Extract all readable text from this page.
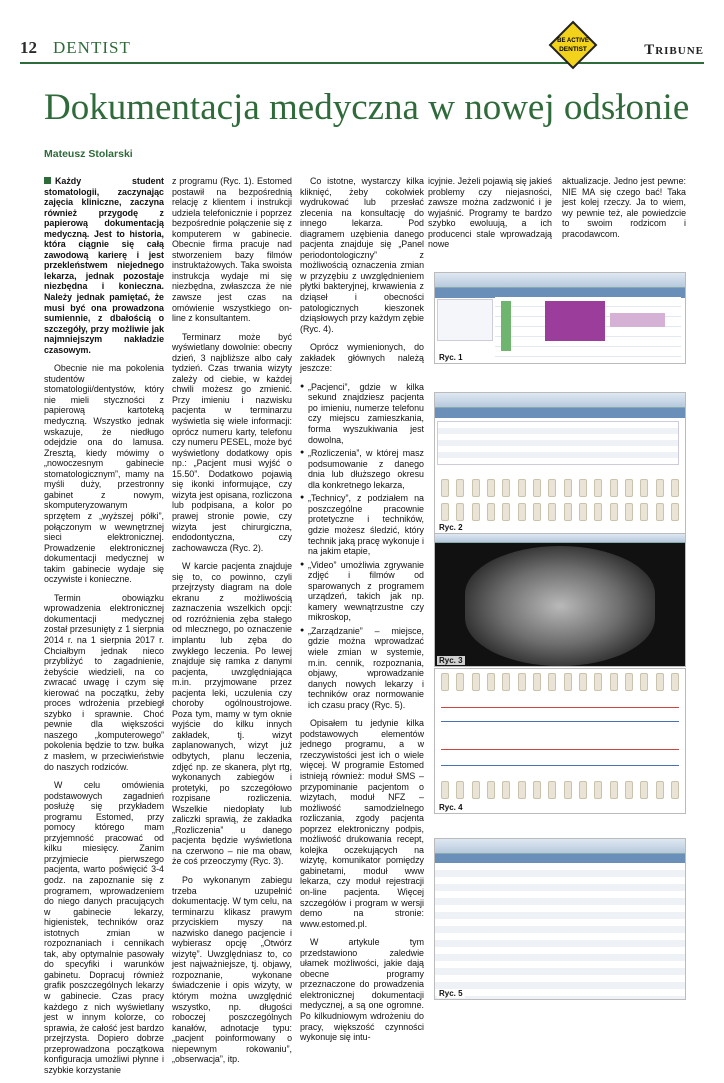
12 DENTIST	Tribune
BE ACTIVE
DENTIST
Dokumentacja medyczna w nowej odsłonie
Mateusz Stolarski

Każdy student stomatologii, zaczynając zajęcia kliniczne, zaczyna również przygodę z papierową dokumentacją medyczną. Jest to historia, która ciągnie się całą zawodową karierę i jest przekleństwem niejednego lekarza, jednak pozostaje niezbędna i konieczna. Należy jednak pamiętać, że musi być ona prowadzona sumiennie, z dbałością o szczegóły, przy możliwie jak najmniejszym nakładzie czasowym.

Obecnie nie ma pokolenia studentów stomatologii/dentystów, który nie mieli styczności z papierową kartoteką medyczną. Wszystko jednak wskazuje, że niedługo odejdzie ona do lamusa. Zresztą, kiedy mówimy o „nowoczesnym gabinecie stomatologicznym”, mamy na myśli duży, przestronny gabinet z nowym, skomputeryzowanym sprzętem z „wyższej półki”, połączonym w wewnętrznej sieci elektronicznej. Prowadzenie elektronicznej dokumentacji medycznej w takim gabinecie wydaje się oczywiste i konieczne.

Termin obowiązku wprowadzenia elektronicznej dokumentacji medycznej został przesunięty z 1 sierpnia 2014 r. na 1 sierpnia 2017 r. Chciałbym jednak nieco przybliżyć to zagadnienie, żebyście wiedzieli, na co zwracać uwagę i czym się kierować na początku, żeby proces wdrożenia przebiegł szybko i sprawnie. Choć pewnie dla większości naszego „komputerowego” pokolenia będzie to tzw. bułka z masłem, w przeciwieństwie do naszych rodziców.

W celu omówienia podstawowych zagadnień posłużę się przykładem programu Estomed, przy pomocy którego mam przyjemność pracować od kilku miesięcy. Zanim przyjmiecie pierwszego pacjenta, warto poświęcić 3-4 godz. na zapoznanie się z programem, wprowadzeniem do niego danych pracujących w gabinecie lekarzy, higienistek, techników oraz istotnych zmian w rozpoznaniach i cennikach tak, aby optymalnie pasowały do specyfiki i warunków gabinetu. Dopracuj również grafik poszczególnych lekarzy w gabinecie. Czas pracy każdego z nich wyświetlany jest w innym kolorze, co sprawia, że całość jest bardzo przejrzysta. Dopiero dobrze przeprowadzona początkowa konfiguracja umożliwi płynne i szybkie korzystanie

z programu (Ryc. 1). Estomed postawił na bezpośrednią relację z klientem i instrukcji udziela telefonicznie i poprzez bezpośrednie połączenie się z komputerem w gabinecie. Obecnie firma pracuje nad stworzeniem bazy filmów instruktażowych. Taka swoista instrukcja wydaje mi się niezbędna, zwłaszcza że nie zawsze jest czas na omówienie wszystkiego on-line z konsultantem.

Terminarz może być wyświetlany dowolnie: obecny dzień, 3 najbliższe albo cały tydzień. Czas trwania wizyty zależy od ciebie, w każdej chwili możesz go zmienić. Przy imieniu i nazwisku pacjenta w terminarzu wyświetla się wiele informacji: oprócz numeru karty, telefonu czy numeru PESEL, może być wyświetlony dodatkowy opis np.: „Pacjent musi wyjść o 15.50”. Dodatkowo pojawią się ikonki informujące, czy wizyta jest opisana, rozliczona lub podpisana, a kolor po prawej stronie powie, czy wizyta jest chirurgiczna, endodontyczna, czy zachowawcza (Ryc. 2).

W karcie pacjenta znajduje się to, co powinno, czyli przejrzysty diagram na dole ekranu z możliwością zaznaczenia wszelkich opcji: od rozróżnienia zęba stałego od mlecznego, po oznaczenie implantu lub zęba do zwykłego leczenia. Po lewej znajduje się ramka z danymi pacjenta, uwzględniająca m.in. przyjmowane przez pacjenta leki, uczulenia czy choroby ogólnoustrojowe. Poza tym, mamy w tym oknie wyjście do kilku innych zakładek, tj. wizyt zaplanowanych, wizyt już odbytych, planu leczenia, zdjęć np. ze skanera, plyt rtg, wykonanych zabiegów i protetyki, po szczegółowo rozpisane rozliczenia. Wszelkie niedopłaty lub zaliczki sprawią, że zakładka „Rozliczenia” u danego pacjenta będzie wyświetlona na czerwono – nie ma obaw, że coś przeoczymy (Ryc. 3).

Po wykonanym zabiegu trzeba uzupełnić dokumentację. W tym celu, na terminarzu klikasz prawym przyciskiem myszy na nazwisko danego pacjencie i wybierasz opcję „Otwórz wizytę”. Uwzględniasz to, co jest najważniejsze, tj. objawy, rozpoznanie, wykonane świadczenie i opis wizyty, w którym można uwzględnić wszystko, np. długości roboczej poszczególnych kanałów, adnotacje typu: „pacjent poinformowany o niepewnym rokowaniu”, „obserwacja”, itp.

Co istotne, wystarczy kilka kliknięć, żeby cokolwiek wydrukować lub przesłać zlecenia na konsultację do innego lekarza. Pod diagramem uzębienia danego pacjenta znajduje się „Panel periodontologiczny” z możliwością oznaczenia zmian w przyzębiu z uwzględnieniem płytki bakteryjnej, krwawienia z dziąseł i obecności patologicznych kieszonek dziąsłowych przy każdym zębie (Ryc. 4).

Oprócz wymienionych, do zakładek głównych należą jeszcze:

● „Pacjenci”, gdzie w kilka sekund znajdziesz pacjenta po imieniu, numerze telefonu czy miejscu zamieszkania, forma wyszukiwania jest dowolna,
● „Rozliczenia”, w której masz podsumowanie z danego dnia lub dłuższego okresu dla konkretnego lekarza,
● „Technicy”, z podziałem na poszczególne pracownie protetyczne i techników, gdzie możesz śledzić, który technik jaką pracę wykonuje i na jakim etapie,
● „Video” umożliwia zgrywanie zdjęć i filmów od sparowanych z programem urządzeń, takich jak np. kamery wewnątrzustne czy mikroskop,
● „Zarządzanie” – miejsce, gdzie można wprowadzać wiele zmian w systemie, m.in. cennik, rozpoznania, objawy, wprowadzanie danych nowych lekarzy i techników oraz normowanie ich czasu pracy (Ryc. 5).

Opisałem tu jedynie kilka podstawowych elementów jednego programu, a w rzeczywistości jest ich o wiele więcej. W programie Estomed istnieją również: moduł SMS – przypominanie pacjentom o wizytach, moduł NFZ – możliwość samodzielnego rozliczania, zgody pacjenta poprzez elektroniczny podpis, możliwość drukowania recept, kolejka oczekujących na wizytę, komunikator pomiędzy gabinetami, moduł www lekarza, czy moduł rejestracji on-line pacjenta. Więcej szczegółów i program w wersji demo na stronie: www.estomed.pl.

W artykule tym przedstawiono zaledwie ułamek możliwości, jakie dają obecne programy przeznaczone do prowadzenia elektronicznej dokumentacji medycznej, a są one ogromne. Po kilkudniowym wdrożeniu do pracy, większość czynności wykonuje się intu-

icyjnie. Jeżeli pojawią się jakieś problemy czy niejasności, zawsze można zadzwonić i je wyjaśnić. Programy te bardzo szybko ewoluują, a ich producenci stale wprowadzają nowe

aktualizacje. Jedno jest pewne: NIE MA się czego bać! Taka jest kolej rzeczy. Ja to wiem, wy pewnie też, ale powiedzcie to swoim rodzicom i pracodawcom.

Ryc. 1
Ryc. 2
Ryc. 3
Ryc. 4
Ryc. 5
